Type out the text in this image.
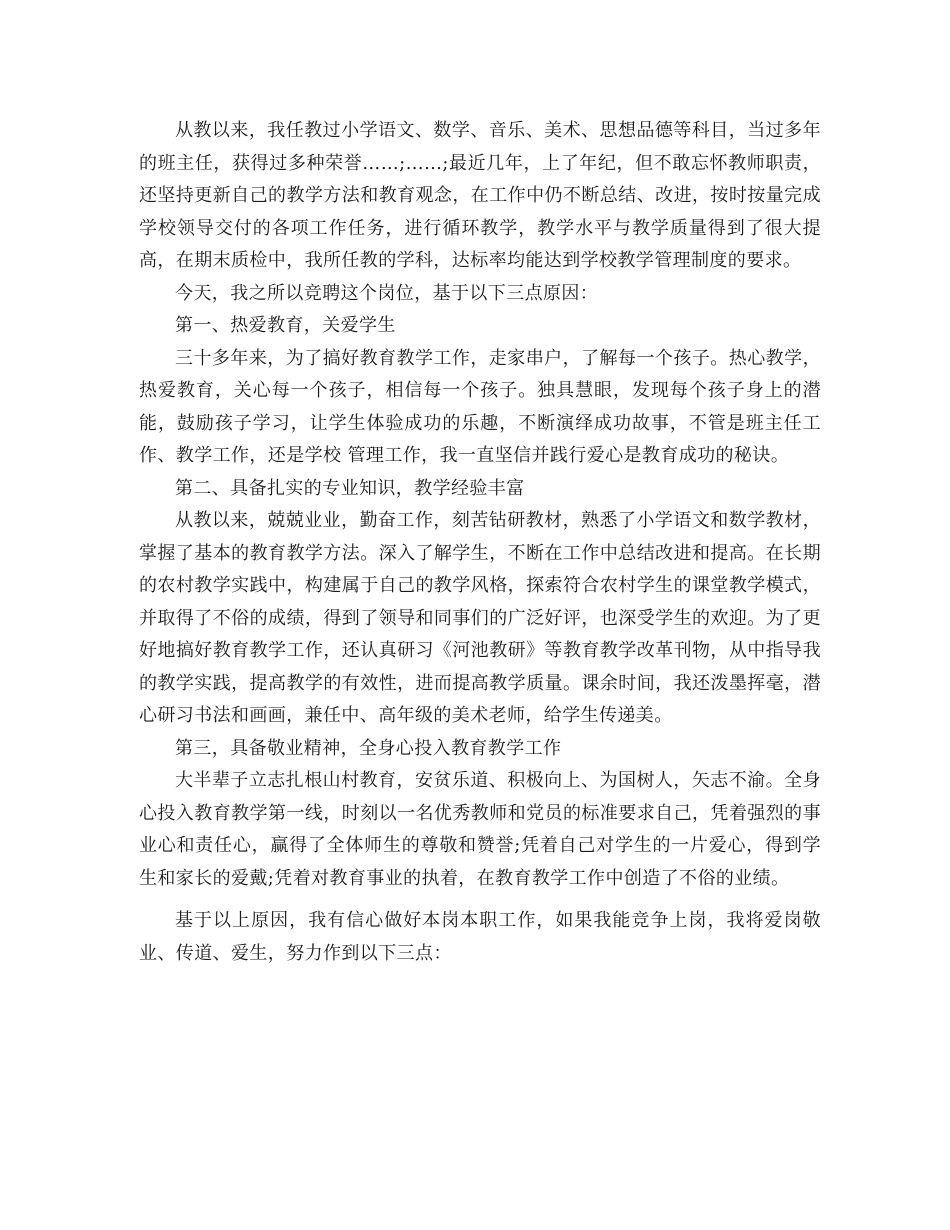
从教以来，我任教过小学语文、数学、音乐、美术、思想品德等科目，当过多年的班主任，获得过多种荣誉……;……;最近几年，上了年纪，但不敢忘怀教师职责，还坚持更新自己的教学方法和教育观念，在工作中仍不断总结、改进，按时按量完成学校领导交付的各项工作任务，进行循环教学，教学水平与教学质量得到了很大提高，在期末质检中，我所任教的学科，达标率均能达到学校教学管理制度的要求。

今天，我之所以竞聘这个岗位，基于以下三点原因：

第一、热爱教育，关爱学生

三十多年来，为了搞好教育教学工作，走家串户，了解每一个孩子。热心教学，热爱教育，关心每一个孩子，相信每一个孩子。独具慧眼，发现每个孩子身上的潜能，鼓励孩子学习，让学生体验成功的乐趣，不断演绎成功故事，不管是班主任工作、教学工作，还是学校 管理工作，我一直坚信并践行爱心是教育成功的秘诀。

第二、具备扎实的专业知识，教学经验丰富

从教以来，兢兢业业，勤奋工作，刻苦钻研教材，熟悉了小学语文和数学教材，掌握了基本的教育教学方法。深入了解学生，不断在工作中总结改进和提高。在长期的农村教学实践中，构建属于自己的教学风格，探索符合农村学生的课堂教学模式，并取得了不俗的成绩，得到了领导和同事们的广泛好评，也深受学生的欢迎。为了更好地搞好教育教学工作，还认真研习《河池教研》等教育教学改革刊物，从中指导我的教学实践，提高教学的有效性，进而提高教学质量。课余时间，我还泼墨挥毫，潜心研习书法和画画，兼任中、高年级的美术老师，给学生传递美。

第三，具备敬业精神，全身心投入教育教学工作

大半辈子立志扎根山村教育，安贫乐道、积极向上、为国树人，矢志不渝。全身心投入教育教学第一线，时刻以一名优秀教师和党员的标准要求自己，凭着强烈的事业心和责任心，赢得了全体师生的尊敬和赞誉;凭着自己对学生的一片爱心，得到学生和家长的爱戴;凭着对教育事业的执着，在教育教学工作中创造了不俗的业绩。

基于以上原因，我有信心做好本岗本职工作，如果我能竞争上岗，我将爱岗敬业、传道、爱生，努力作到以下三点：
